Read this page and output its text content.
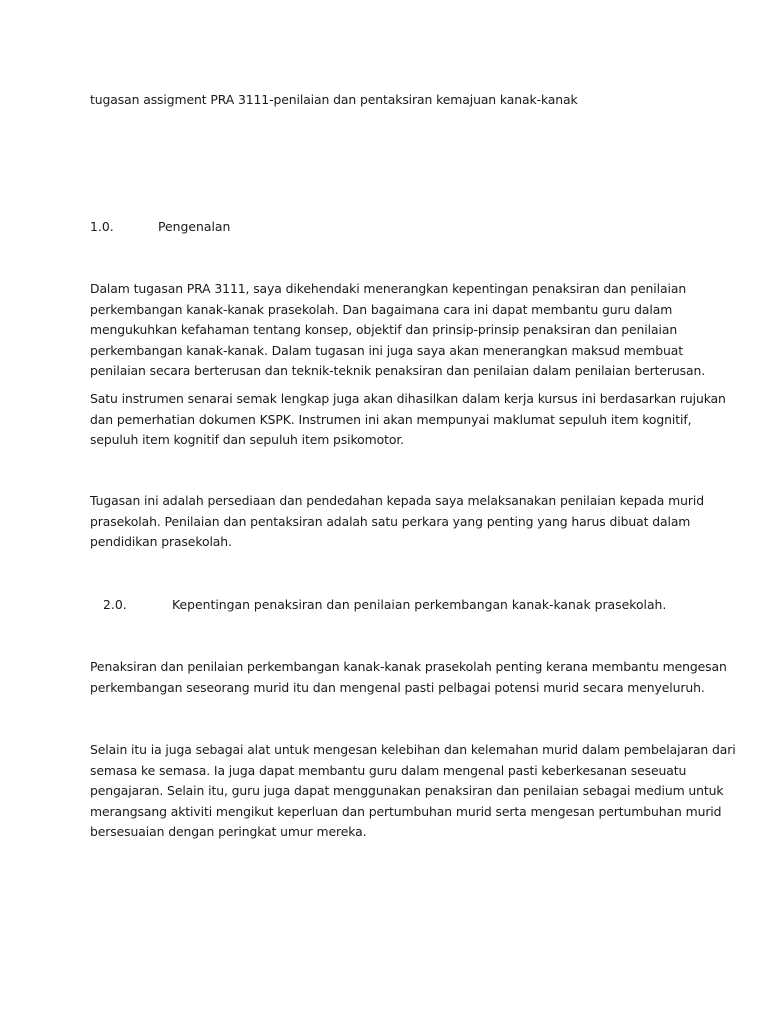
tugasan assigment PRA 3111-penilaian dan pentaksiran kemajuan kanak-kanak
1.0.	Pengenalan
Dalam tugasan PRA 3111, saya dikehendaki menerangkan kepentingan penaksiran dan penilaian
perkembangan kanak-kanak prasekolah. Dan bagaimana cara ini dapat membantu guru dalam
mengukuhkan kefahaman tentang konsep, objektif dan prinsip-prinsip penaksiran dan penilaian
perkembangan kanak-kanak. Dalam tugasan ini juga saya akan menerangkan maksud membuat
penilaian secara berterusan dan teknik-teknik penaksiran dan penilaian dalam penilaian berterusan.
Satu instrumen senarai semak lengkap juga akan dihasilkan dalam kerja kursus ini berdasarkan rujukan
dan pemerhatian dokumen KSPK. Instrumen ini akan mempunyai maklumat sepuluh item kognitif,
sepuluh item kognitif dan sepuluh item psikomotor.
Tugasan ini adalah persediaan dan pendedahan kepada saya melaksanakan penilaian kepada murid
prasekolah. Penilaian dan pentaksiran adalah satu perkara yang penting yang harus dibuat dalam
pendidikan prasekolah.
2.0.	Kepentingan penaksiran dan penilaian perkembangan kanak-kanak prasekolah.
Penaksiran dan penilaian perkembangan kanak-kanak prasekolah penting kerana membantu mengesan
perkembangan seseorang murid itu dan mengenal pasti pelbagai potensi murid secara menyeluruh.
Selain itu ia juga sebagai alat untuk mengesan kelebihan dan kelemahan murid dalam pembelajaran dari
semasa ke semasa. Ia juga dapat membantu guru dalam mengenal pasti keberkesanan seseuatu
pengajaran. Selain itu, guru juga dapat menggunakan penaksiran dan penilaian sebagai medium untuk
merangsang aktiviti mengikut keperluan dan pertumbuhan murid serta mengesan pertumbuhan murid
bersesuaian dengan peringkat umur mereka.
